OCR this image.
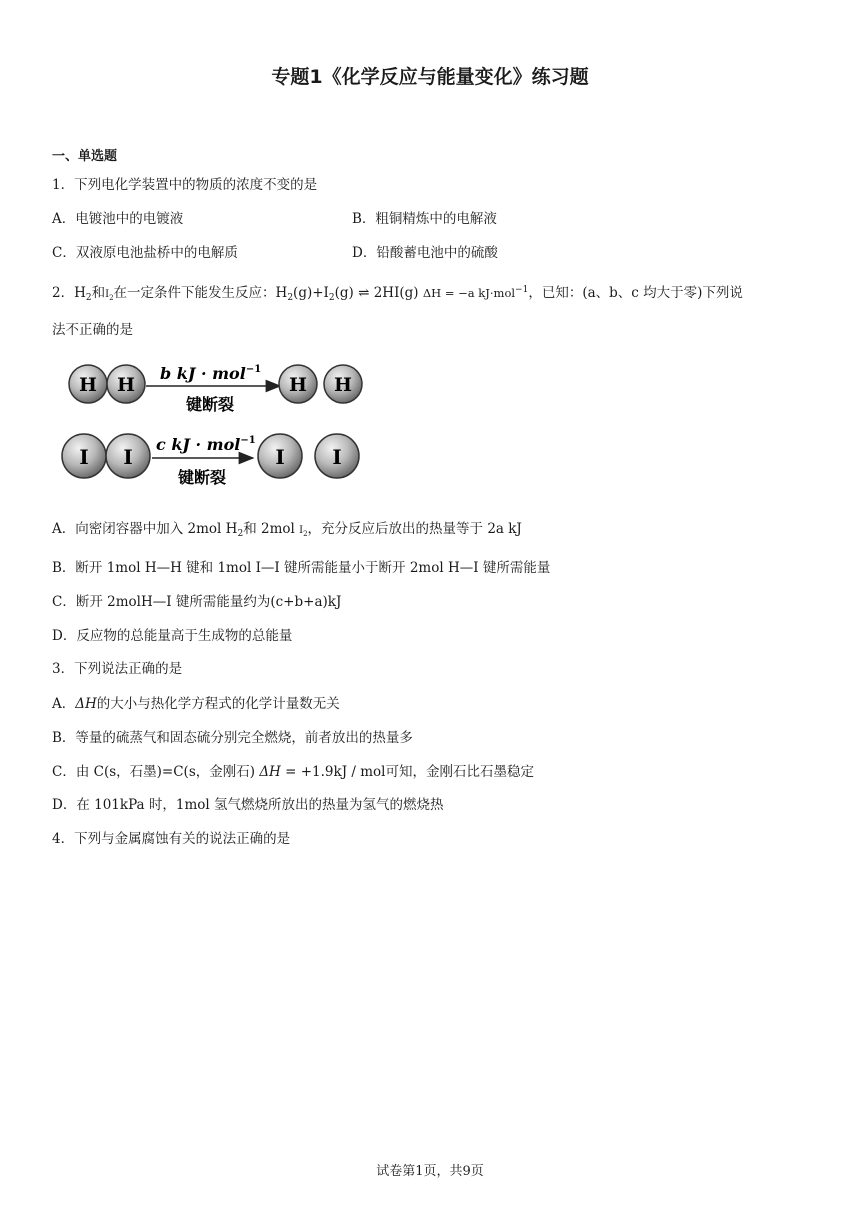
专题1《化学反应与能量变化》练习题
一、单选题
1．下列电化学装置中的物质的浓度不变的是
A．电镀池中的电镀液	B．粗铜精炼中的电解液
C．双液原电池盐桥中的电解质	D．铅酸蓄电池中的硫酸
2．$H_2$和$I_2$在一定条件下能发生反应：$H_2(g)+I_2(g)$ ⇌ 2HI(g) ΔH = −a kJ·mol$^{-1}$，已知：(a、b、c 均大于零)下列说
法不正确的是
H H
b kJ · mol$^{-1}$
键断裂
H H
I I
c kJ · mol$^{-1}$
键断裂
I I
A．向密闭容器中加入 2mol $H_2$和 2mol $I_2$，充分反应后放出的热量等于 2a kJ
B．断开 1mol H—H 键和 1mol I—I 键所需能量小于断开 2mol H—I 键所需能量
C．断开 2molH—I 键所需能量约为(c+b+a)kJ
D．反应物的总能量高于生成物的总能量
3．下列说法正确的是
A．ΔH的大小与热化学方程式的化学计量数无关
B．等量的硫蒸气和固态硫分别完全燃烧，前者放出的热量多
C．由 C(s，石墨)=C(s，金刚石) ΔH = +1.9kJ / mol可知，金刚石比石墨稳定
D．在 101kPa 时，1mol 氢气燃烧所放出的热量为氢气的燃烧热
4．下列与金属腐蚀有关的说法正确的是
试卷第1页，共9页
